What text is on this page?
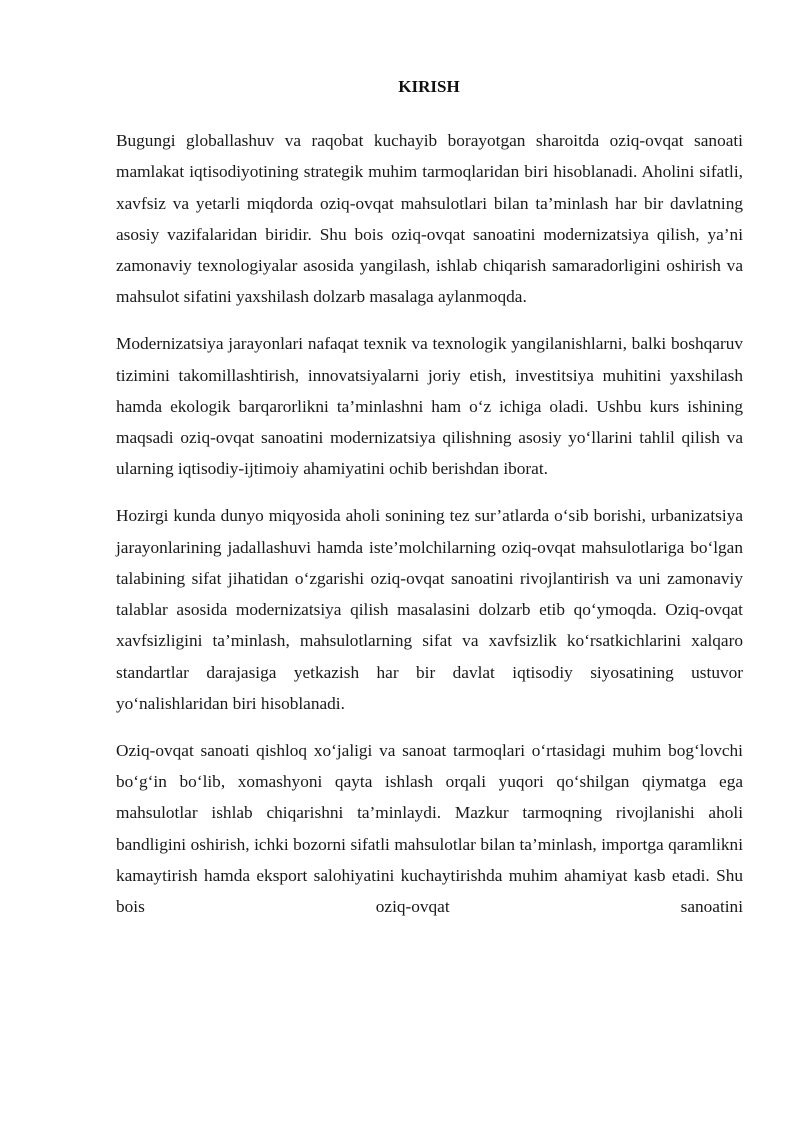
KIRISH

Bugungi globallashuv va raqobat kuchayib borayotgan sharoitda oziq-ovqat sanoati mamlakat iqtisodiyotining strategik muhim tarmoqlaridan biri hisoblanadi. Aholini sifatli, xavfsiz va yetarli miqdorda oziq-ovqat mahsulotlari bilan ta’minlash har bir davlatning asosiy vazifalaridan biridir. Shu bois oziq-ovqat sanoatini modernizatsiya qilish, ya’ni zamonaviy texnologiyalar asosida yangilash, ishlab chiqarish samaradorligini oshirish va mahsulot sifatini yaxshilash dolzarb masalaga aylanmoqda.

Modernizatsiya jarayonlari nafaqat texnik va texnologik yangilanishlarni, balki boshqaruv tizimini takomillashtirish, innovatsiyalarni joriy etish, investitsiya muhitini yaxshilash hamda ekologik barqarorlikni ta’minlashni ham o‘z ichiga oladi. Ushbu kurs ishining maqsadi oziq-ovqat sanoatini modernizatsiya qilishning asosiy yo‘llarini tahlil qilish va ularning iqtisodiy-ijtimoiy ahamiyatini ochib berishdan iborat.

Hozirgi kunda dunyo miqyosida aholi sonining tez sur’atlarda o‘sib borishi, urbanizatsiya jarayonlarining jadallashuvi hamda iste’molchilarning oziq-ovqat mahsulotlariga bo‘lgan talabining sifat jihatidan o‘zgarishi oziq-ovqat sanoatini rivojlantirish va uni zamonaviy talablar asosida modernizatsiya qilish masalasini dolzarb etib qo‘ymoqda. Oziq-ovqat xavfsizligini ta’minlash, mahsulotlarning sifat va xavfsizlik ko‘rsatkichlarini xalqaro standartlar darajasiga yetkazish har bir davlat iqtisodiy siyosatining ustuvor yo‘nalishlaridan biri hisoblanadi.

Oziq-ovqat sanoati qishloq xo‘jaligi va sanoat tarmoqlari o‘rtasidagi muhim bog‘lovchi bo‘g‘in bo‘lib, xomashyoni qayta ishlash orqali yuqori qo‘shilgan qiymatga ega mahsulotlar ishlab chiqarishni ta’minlaydi. Mazkur tarmoqning rivojlanishi aholi bandligini oshirish, ichki bozorni sifatli mahsulotlar bilan ta’minlash, importga qaramlikni kamaytirish hamda eksport salohiyatini kuchaytirishda muhim ahamiyat kasb etadi. Shu bois oziq-ovqat sanoatini
